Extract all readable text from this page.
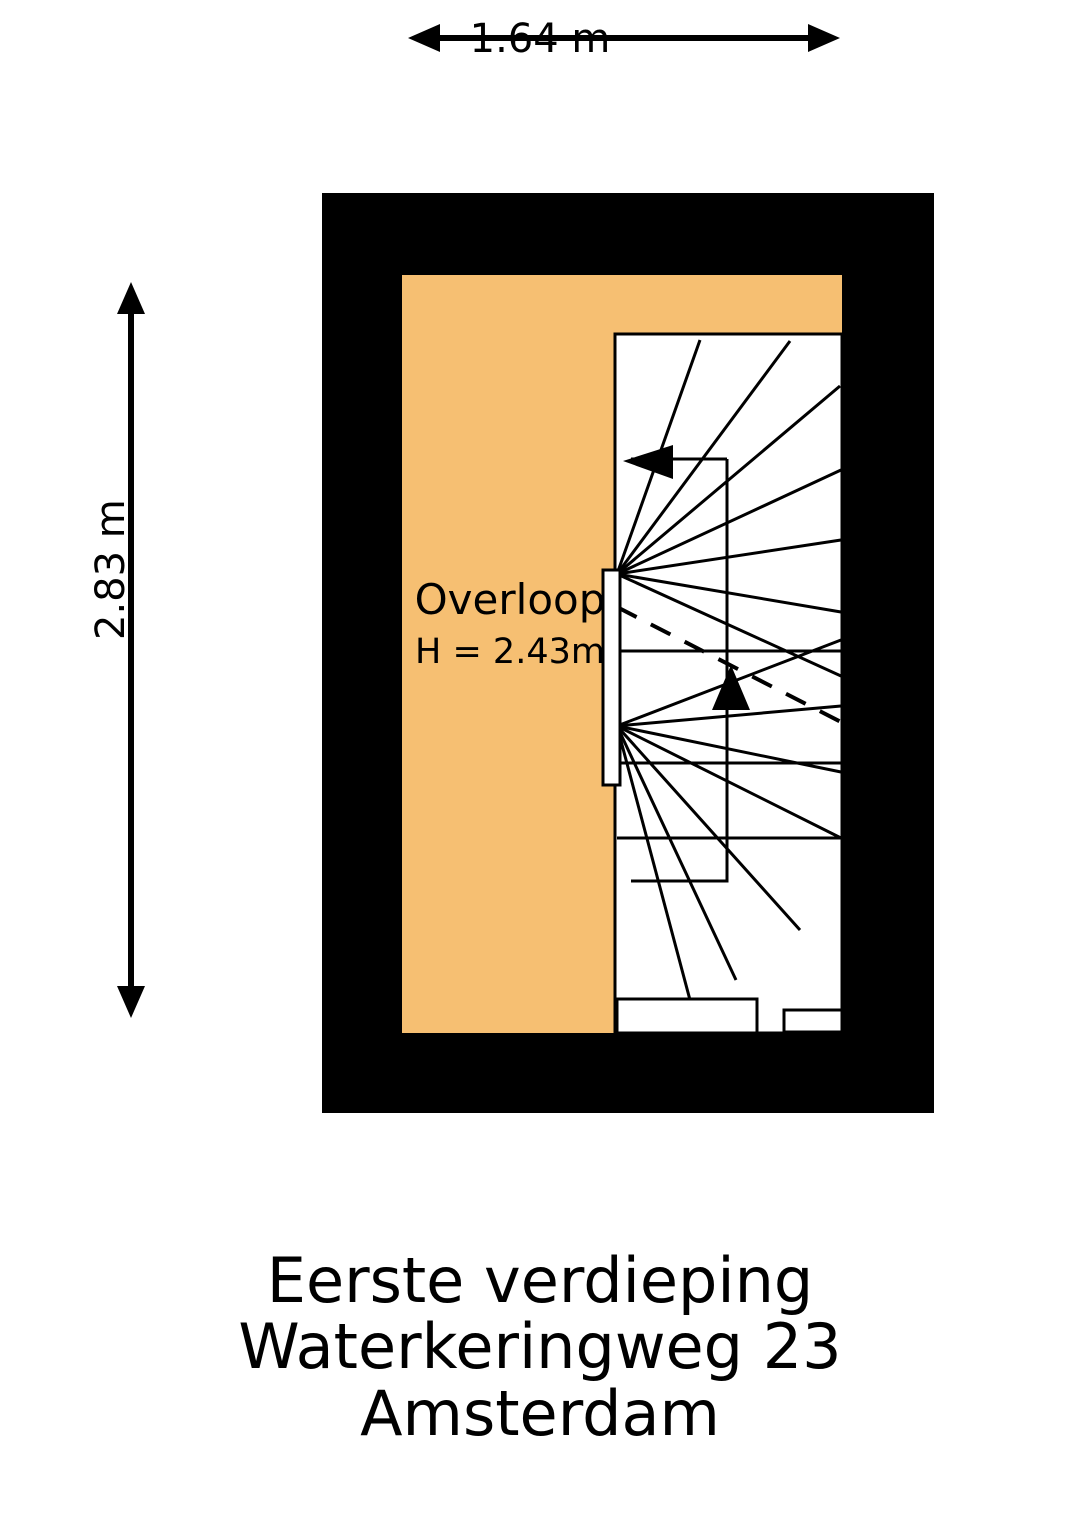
1.64 m
2.83 m	Overloop
H = 2.43m
Eerste verdieping
Waterkeringweg 23
Amsterdam
